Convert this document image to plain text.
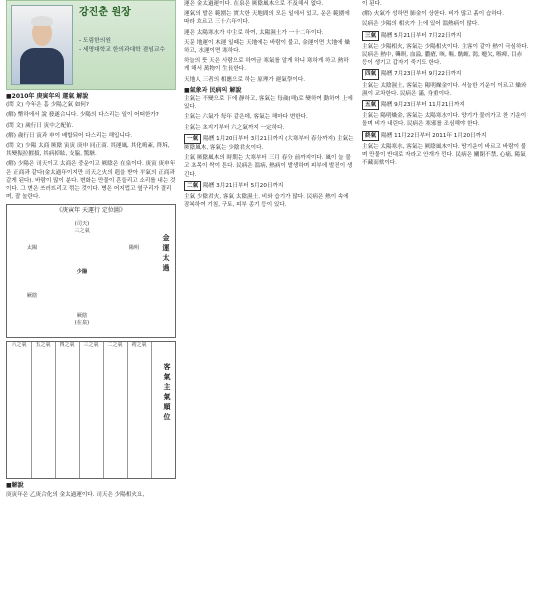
강진춘 원장
- 도림한의원
- 세명대학교 한의과대학 겸임교수
■2010年 庚寅年의 運氣 解說

(問 文) 今年은 흠 少陽之氣 如何?

(解) 幣하에서 說 發遂合니다. 少陽의 다스리는 일이 어떠한가?

(問 文) 歲行日 寅中之配佑.

(解) 歲行日 寅과 申이 배합되어 다스리는 해입니다.

(問 文) 少陽 太商 厥陰 寅寅 庚申 同正商. 其運風, 其化鳴紊, 啓坼, 其變振拉摧拔, 其病掉眩, 支脇, 驚駭.

(解) 少陽은 司天이고 太商은 중운이고 厥陰은 在泉이다. 庚寅 庚申年은 正商과 같다(金太過年이지만 司天之火의 剋을 받아 平氣의 正商과 같게 된다). 바람이 많이 분다. 변화는 만물이 흔들리고 소리를 내는 것이다. 그 변은 쓰러뜨리고 꺾는 것이다. 병은 어지럽고 옆구리가 결리며, 잘 놀란다.

《庚寅年 天運行 定位圖》
(司天)
三之氣
太陽	陽明
少陽
厥陰
厥陰
(在泉)
金運太過
六之氣	五之氣	四之氣	三之氣	二之氣	初之氣
客氣主氣順位
■解說

庚寅年은 乙庚合化의 金太過運이다. 司天은 少陽相火요,

運은 金太過運이다. 在泉은 厥陰風木으로 不及해서 없다.

運氣의 발은 範圍는 實大한 天地間의 모든 일에서 있고, 운은 範圍에 따라 흐르고 三十六年이다.

運은 太陽寒水가 中主로 하여, 太陽濕土가 一十二年이다.

天문 地運이 木運 일때는 天地에는 바람이 불고, 金運이면 大地에 燥하고, 水運이면 寒하다.

하늘의 뜻 天은 사람으로 하여금 寒氣를 알게 하니 寒하게 하고 熱하게 해서 萬物이 生長한다.

天地人 三者의 相應으로 하는 原理가 運氣學이다.

■氣象과 民病의 解說

主氣는 不變으로 下에 靜하고, 客氣는 每歲(해)로 變하여 動하여 上에 있다.

主氣는 六氣가 每年 같은데, 客氣는 해마다 변한다.

主氣는 초지기부터 六之氣까지 一定하다.

一氣 陽曆 1月20日부터 3月21日까지 (大寒부터 春分까지) 主氣는 厥陰風木, 客氣는 少陰君火이다.

主氣 厥陰風木의 時期는 大寒부터 三月 春分 前까지이다. 風이 늘 불고 초목이 싹이 튼다. 民病은 溫病, 熱病이 발생하며 피부에 발진이 생긴다.

二氣 陽曆 3月21日부터 5月20日까지

主氣 少陰君火, 客氣 太陰濕土. 비와 습기가 많다. 民病은 熱이 속에 잠복하여 기침, 구토, 피부 종기 등이 있다.

이 된다.

(解) 火氣가 성하면 肺金이 상한다. 비가 많고 흙이 습하다.

民病은 少陽의 相火가 上에 있어 溫熱病이 많다.

三氣 陽曆 5月21日부터 7月22日까지

主氣는 少陽相火, 客氣는 少陽相火이다. 主客이 같아 熱이 극심하다. 民病은 熱中, 聾暝, 血溢, 膿瘡, 咳, 嘔, 鼽衄, 渴, 嚏欠, 喉痺, 目赤 등이 생기고 갑자기 죽기도 한다.

四氣 陽曆 7月23日부터 9月22日까지

主氣는 太陰濕土, 客氣는 陽明燥金이다. 서늘한 기운이 이르고 燥와 濕이 교차한다. 民病은 滿, 身重이다.

五氣 陽曆 9月23日부터 11月21日까지

主氣는 陽明燥金, 客氣는 太陽寒水이다. 양기가 물러가고 찬 기운이 돌며 비가 내린다. 民病은 寒邪를 조심해야 한다.

終氣 陽曆 11月22日부터 2011年 1月20日까지

主氣는 太陽寒水, 客氣는 厥陰風木이다. 땅기운이 바르고 바람이 불며 만물이 반대로 자라고 안개가 낀다. 民病은 關閉不禁, 心痛, 陽氣不藏而欬이다.
